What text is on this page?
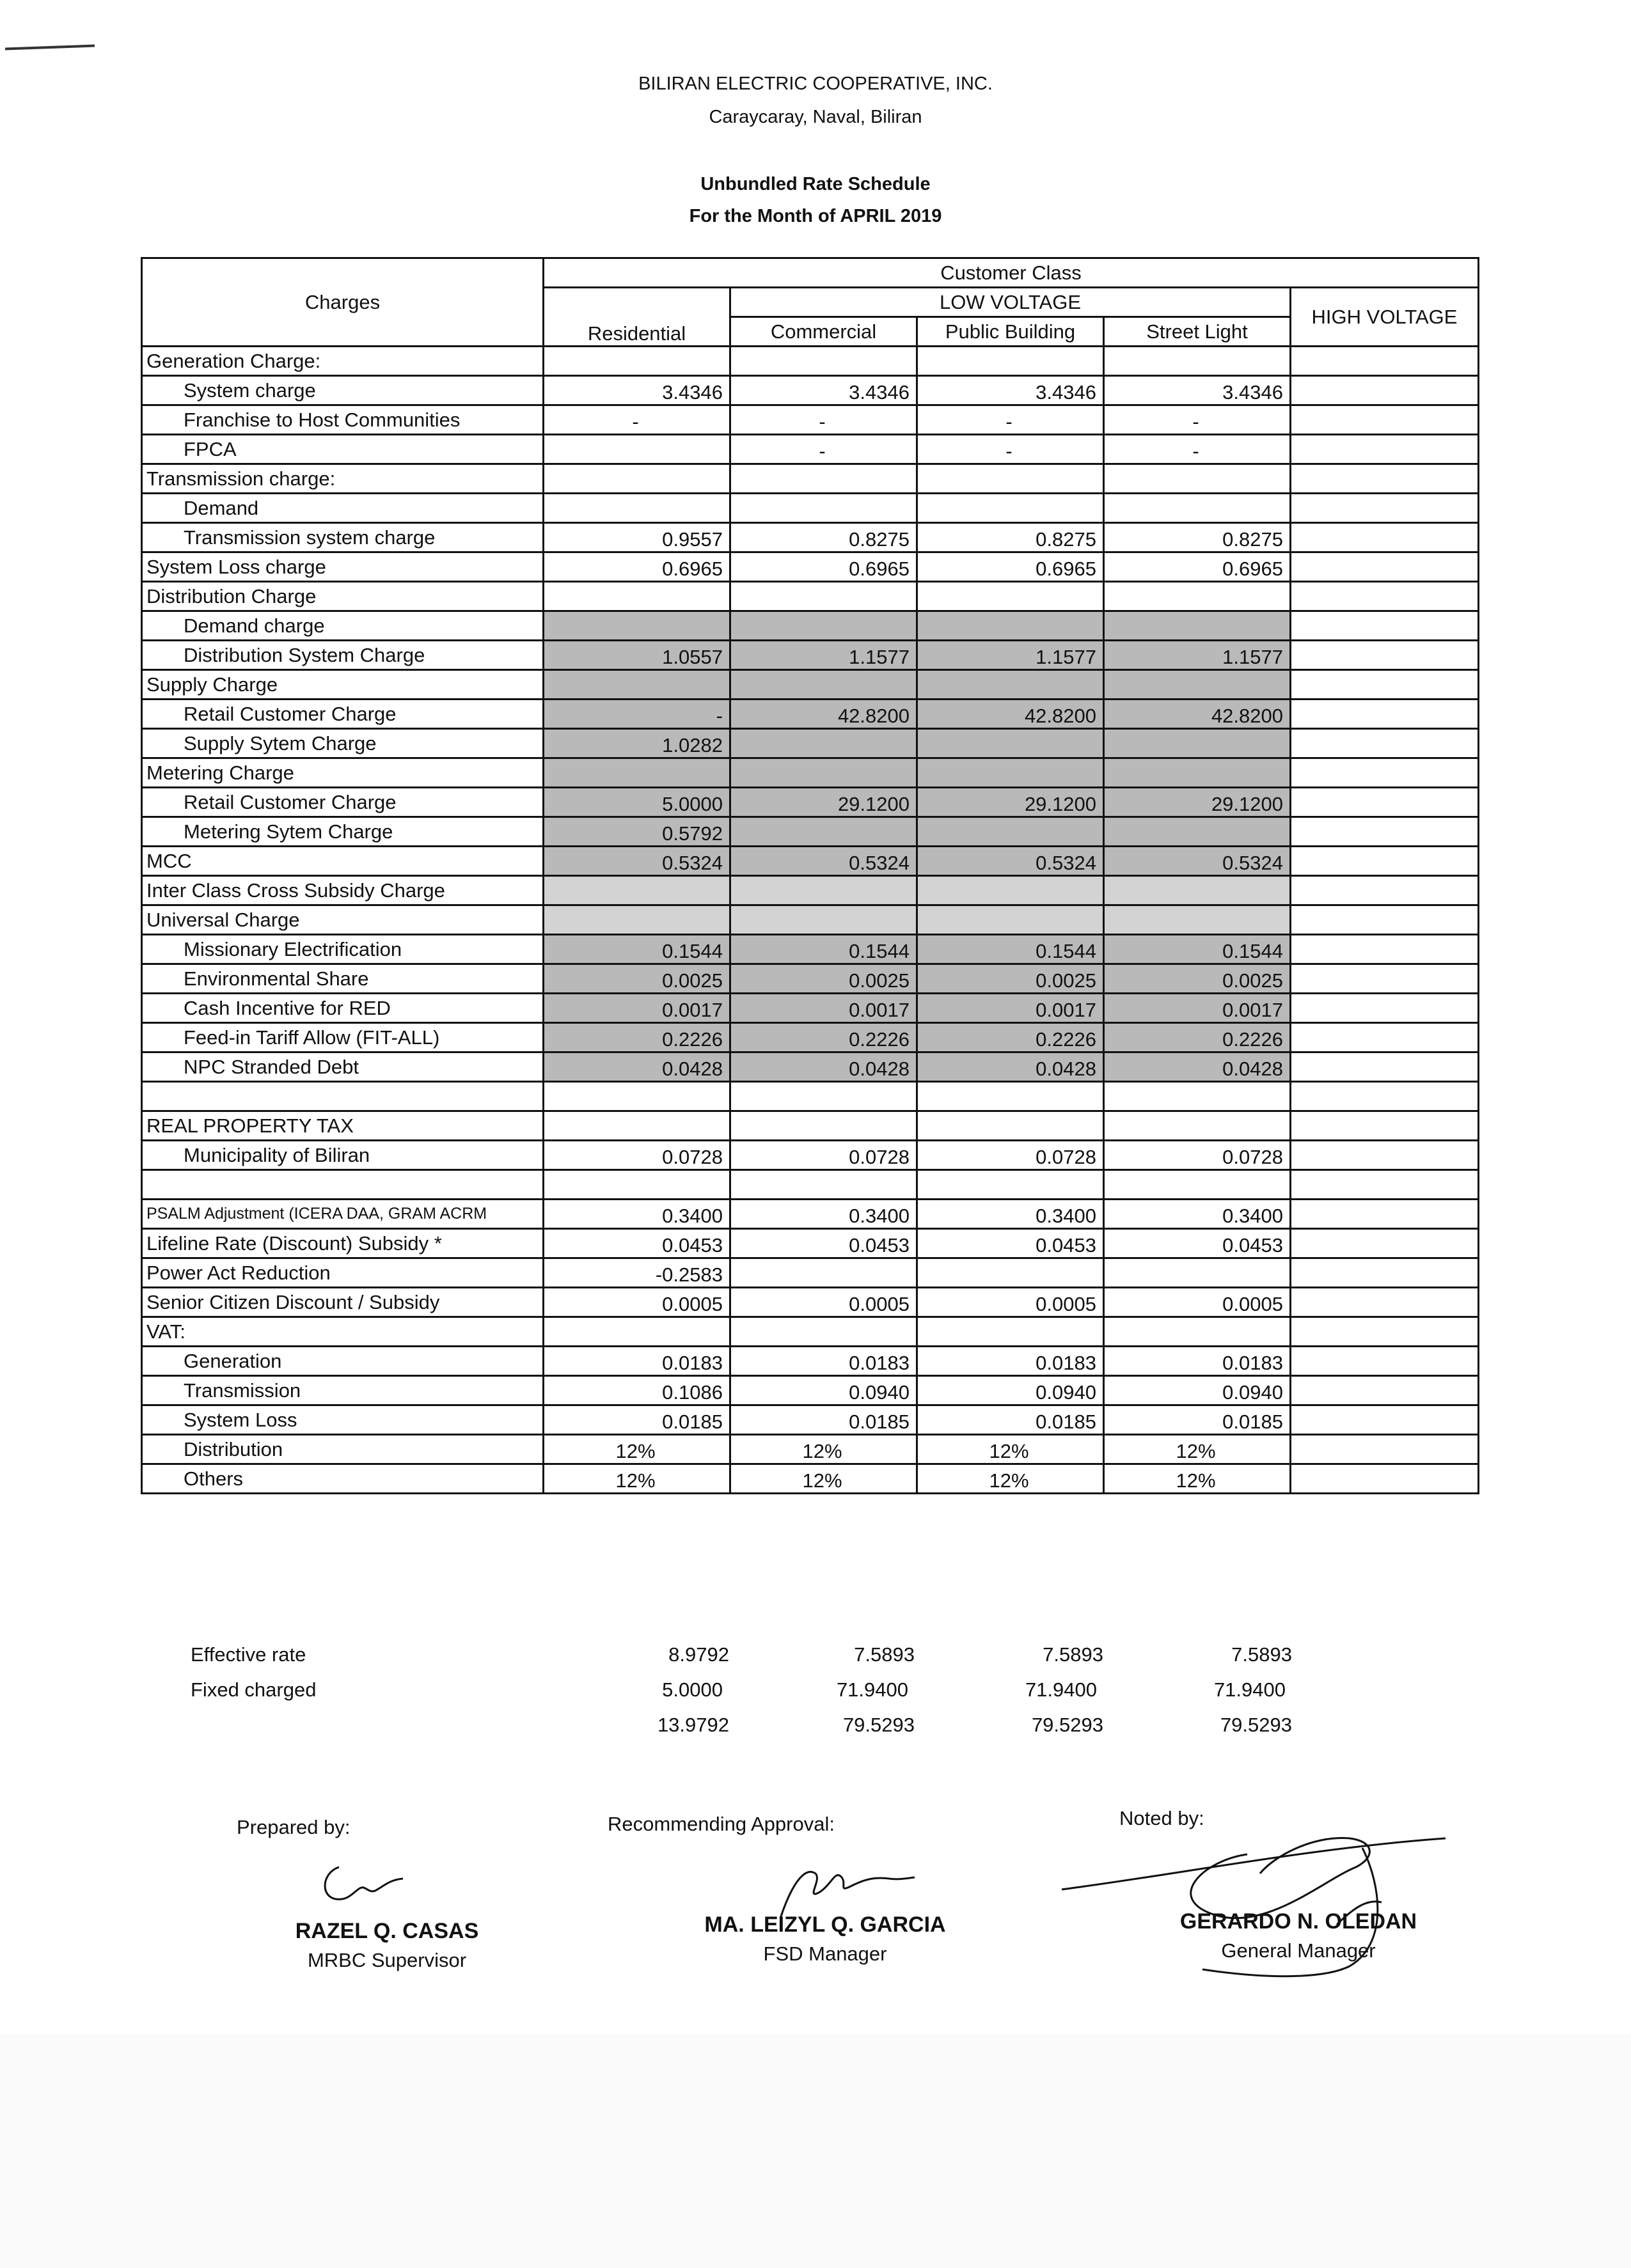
BILIRAN ELECTRIC COOPERATIVE, INC.
Caraycaray, Naval, Biliran
Unbundled Rate Schedule
For the Month of APRIL 2019
Charges	Customer Class				
	Residential	LOW VOLTAGE			HIGH VOLTAGE
		Commercial	Public Building	Street Light	
Generation Charge:					
System charge	3.4346	3.4346	3.4346	3.4346	
Franchise to Host Communities	-	-	-	-	
FPCA		-	-	-	
Transmission charge:					
Demand					
Transmission system charge	0.9557	0.8275	0.8275	0.8275	
System Loss charge	0.6965	0.6965	0.6965	0.6965	
Distribution Charge					
Demand charge					
Distribution System Charge	1.0557	1.1577	1.1577	1.1577	
Supply Charge					
Retail Customer Charge	-	42.8200	42.8200	42.8200	
Supply Sytem Charge	1.0282				
Metering Charge					
Retail Customer Charge	5.0000	29.1200	29.1200	29.1200	
Metering Sytem Charge	0.5792				
MCC	0.5324	0.5324	0.5324	0.5324	
Inter Class Cross Subsidy Charge					
Universal Charge					
Missionary Electrification	0.1544	0.1544	0.1544	0.1544	
Environmental Share	0.0025	0.0025	0.0025	0.0025	
Cash Incentive for RED	0.0017	0.0017	0.0017	0.0017	
Feed-in Tariff Allow (FIT-ALL)	0.2226	0.2226	0.2226	0.2226	
NPC Stranded Debt	0.0428	0.0428	0.0428	0.0428	

REAL PROPERTY TAX					
Municipality of Biliran	0.0728	0.0728	0.0728	0.0728	

PSALM Adjustment (ICERA DAA, GRAM ACRM	0.3400	0.3400	0.3400	0.3400	
Lifeline Rate (Discount) Subsidy *	0.0453	0.0453	0.0453	0.0453	
Power Act Reduction	-0.2583				
Senior Citizen Discount / Subsidy	0.0005	0.0005	0.0005	0.0005	
VAT:					
Generation	0.0183	0.0183	0.0183	0.0183	
Transmission	0.1086	0.0940	0.0940	0.0940	
System Loss	0.0185	0.0185	0.0185	0.0185	
Distribution	12%	12%	12%	12%	
Others	12%	12%	12%	12%	
Effective rate	8.9792	7.5893	7.5893	7.5893
Fixed charged	5.0000	71.9400	71.9400	71.9400
13.9792	79.5293	79.5293	79.5293
Prepared by:
RAZEL Q. CASAS
MRBC Supervisor
Recommending Approval:
MA. LEIZYL Q. GARCIA
FSD Manager
Noted by:
GERARDO N. OLEDAN
General Manager
